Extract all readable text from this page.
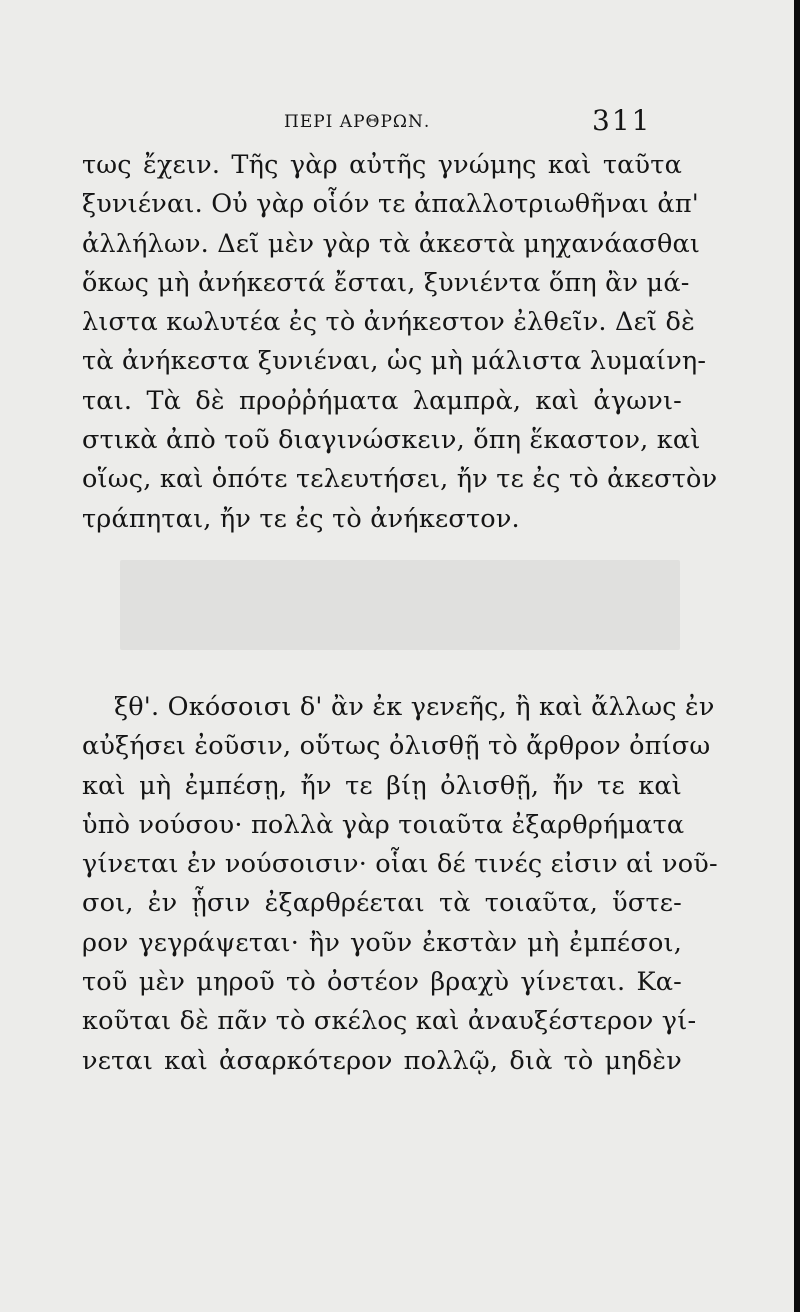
ΠΕΡΙ ΑΡΘΡΩΝ.	311
τως ἔχειν. Τῆς γὰρ αὐτῆς γνώμης καὶ ταῦτα
ξυνιέναι. Οὐ γὰρ οἷόν τε ἀπαλλοτριωθῆναι ἀπ'
ἀλλήλων. Δεῖ μὲν γὰρ τὰ ἀκεστὰ μηχανάασθαι
ὅκως μὴ ἀνήκεστά ἔσται, ξυνιέντα ὅπη ἂν μά-
λιστα κωλυτέα ἐς τὸ ἀνήκεστον ἐλθεῖν. Δεῖ δὲ
τὰ ἀνήκεστα ξυνιέναι, ὡς μὴ μάλιστα λυμαίνη-
ται. Τὰ δὲ προῤῥήματα λαμπρὰ, καὶ ἀγωνι-
στικὰ ἀπὸ τοῦ διαγινώσκειν, ὅπη ἕκαστον, καὶ
οἵως, καὶ ὁπότε τελευτήσει, ἤν τε ἐς τὸ ἀκεστὸν
τράπηται, ἤν τε ἐς τὸ ἀνήκεστον.
ξθ'. Οκόσοισι δ' ἂν ἐκ γενεῆς, ἢ καὶ ἄλλως ἐν
αὐξήσει ἐοῦσιν, οὕτως ὀλισθῇ τὸ ἄρθρον ὀπίσω
καὶ μὴ ἐμπέσῃ, ἤν τε βίῃ ὀλισθῇ, ἤν τε καὶ
ὑπὸ νούσου· πολλὰ γὰρ τοιαῦτα ἐξαρθρήματα
γίνεται ἐν νούσοισιν· οἷαι δέ τινές εἰσιν αἱ νοῦ-
σοι, ἐν ᾗσιν ἐξαρθρέεται τὰ τοιαῦτα, ὕστε-
ρον γεγράψεται· ἢν γοῦν ἐκστὰν μὴ ἐμπέσοι,
τοῦ μὲν μηροῦ τὸ ὀστέον βραχὺ γίνεται. Κα-
κοῦται δὲ πᾶν τὸ σκέλος καὶ ἀναυξέστερον γί-
νεται καὶ ἀσαρκότερον πολλῷ, διὰ τὸ μηδὲν
